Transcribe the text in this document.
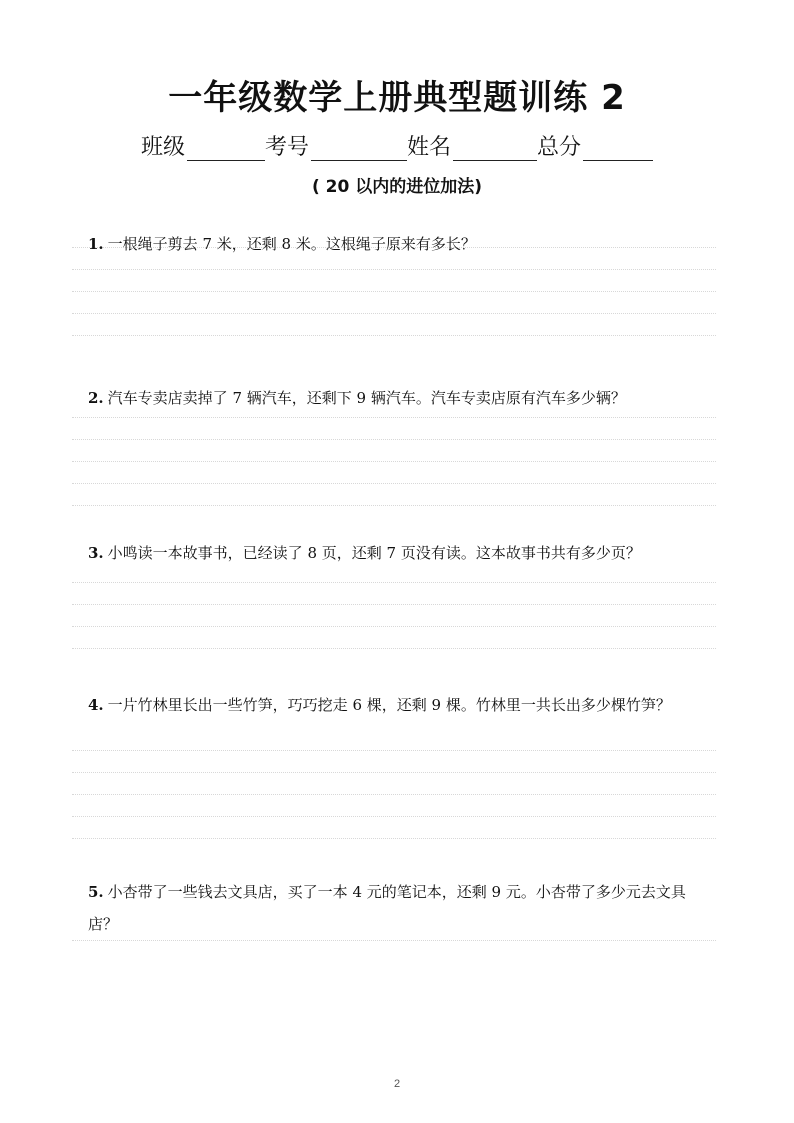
一年级数学上册典型题训练 2
班级	考号	姓名	总分
( 20 以内的进位加法)
1. 一根绳子剪去 7 米，还剩 8 米。这根绳子原来有多长？
2. 汽车专卖店卖掉了 7 辆汽车，还剩下 9 辆汽车。汽车专卖店原有汽车多少辆？
3. 小鸣读一本故事书，已经读了 8 页，还剩 7 页没有读。这本故事书共有多少页？
4. 一片竹林里长出一些竹笋，巧巧挖走 6 棵，还剩 9 棵。竹林里一共长出多少棵竹笋？
5. 小杏带了一些钱去文具店，买了一本 4 元的笔记本，还剩 9 元。小杏带了多少元去文具店？
2
